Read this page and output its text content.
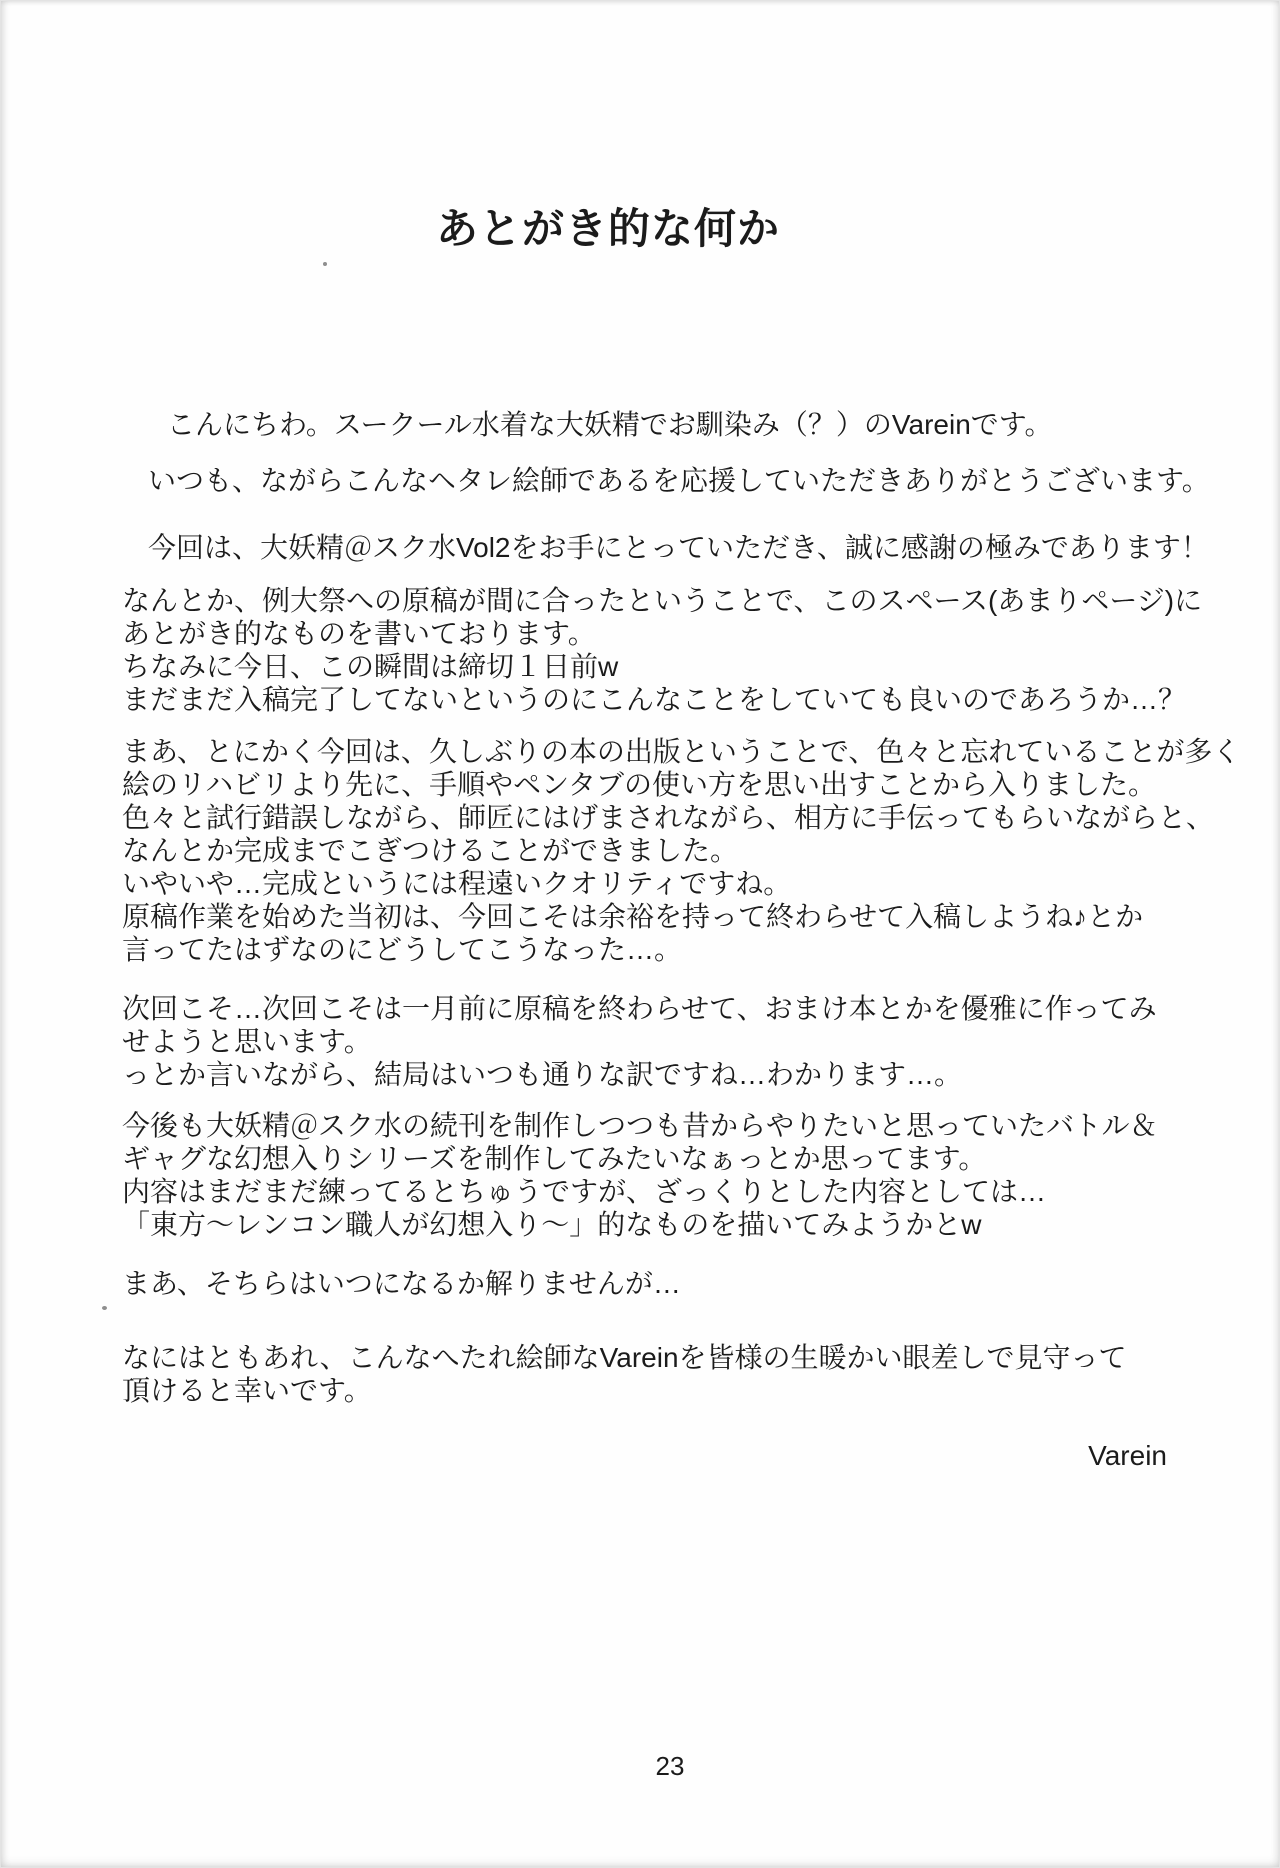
あとがき的な何か
こんにちわ。スークール水着な大妖精でお馴染み（？）のVareinです。
いつも、ながらこんなヘタレ絵師であるを応援していただきありがとうございます。
今回は、大妖精＠スク水Vol2をお手にとっていただき、誠に感謝の極みであります！
なんとか、例大祭への原稿が間に合ったということで、このスペース(あまりページ)に
あとがき的なものを書いております。
ちなみに今日、この瞬間は締切１日前w
まだまだ入稿完了してないというのにこんなことをしていても良いのであろうか…？
まあ、とにかく今回は、久しぶりの本の出版ということで、色々と忘れていることが多く
絵のリハビリより先に、手順やペンタブの使い方を思い出すことから入りました。
色々と試行錯誤しながら、師匠にはげまされながら、相方に手伝ってもらいながらと、
なんとか完成までこぎつけることができました。
いやいや…完成というには程遠いクオリティですね。
原稿作業を始めた当初は、今回こそは余裕を持って終わらせて入稿しようね♪とか
言ってたはずなのにどうしてこうなった…。
次回こそ…次回こそは一月前に原稿を終わらせて、おまけ本とかを優雅に作ってみ
せようと思います。
っとか言いながら、結局はいつも通りな訳ですね…わかります…。
今後も大妖精＠スク水の続刊を制作しつつも昔からやりたいと思っていたバトル＆
ギャグな幻想入りシリーズを制作してみたいなぁっとか思ってます。
内容はまだまだ練ってるとちゅうですが、ざっくりとした内容としては…
「東方～レンコン職人が幻想入り～」的なものを描いてみようかとw
まあ、そちらはいつになるか解りませんが…
なにはともあれ、こんなへたれ絵師なVareinを皆様の生暖かい眼差しで見守って
頂けると幸いです。
Varein
23
